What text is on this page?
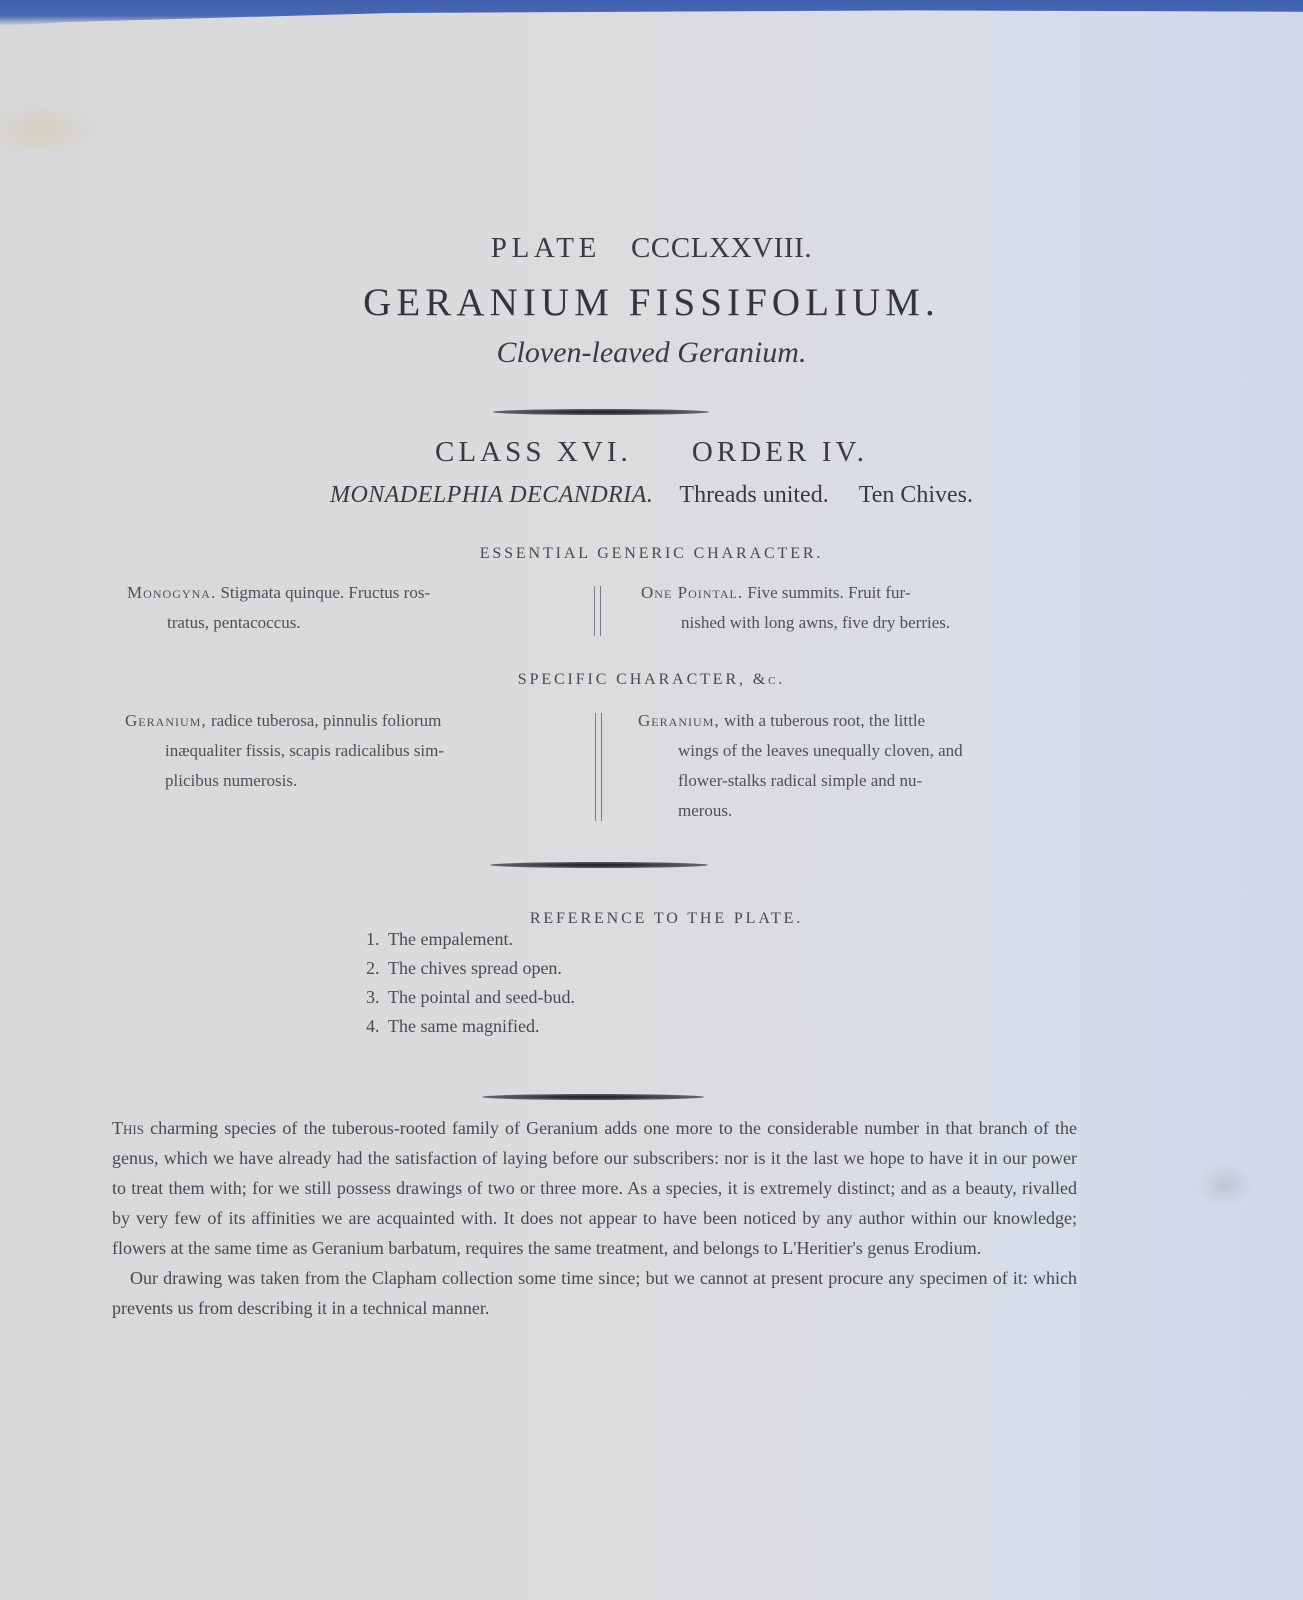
PLATE CCCLXXVIII.
GERANIUM FISSIFOLIUM.
Cloven-leaved Geranium.
CLASS XVI. ORDER IV.
MONADELPHIA DECANDRIA. Threads united. Ten Chives.
ESSENTIAL GENERIC CHARACTER.
Monogyna. Stigmata quinque. Fructus ros-
tratus, pentacoccus.
One Pointal. Five summits. Fruit fur-
nished with long awns, five dry berries.
SPECIFIC CHARACTER, &c.
Geranium, radice tuberosa, pinnulis foliorum
inæqualiter fissis, scapis radicalibus sim-
plicibus numerosis.
Geranium, with a tuberous root, the little
wings of the leaves unequally cloven, and
flower-stalks radical simple and nu-
merous.
REFERENCE TO THE PLATE.
1. The empalement.
2. The chives spread open.
3. The pointal and seed-bud.
4. The same magnified.

This charming species of the tuberous-rooted family of Geranium adds one more to the considerable number in that branch of the genus, which we have already had the satisfaction of laying before our subscribers: nor is it the last we hope to have it in our power to treat them with; for we still possess drawings of two or three more. As a species, it is extremely distinct; and as a beauty, rivalled by very few of its affinities we are acquainted with. It does not appear to have been noticed by any author within our knowledge; flowers at the same time as Geranium barbatum, requires the same treatment, and belongs to L'Heritier's genus Erodium.

Our drawing was taken from the Clapham collection some time since; but we cannot at present procure any specimen of it: which prevents us from describing it in a technical manner.
